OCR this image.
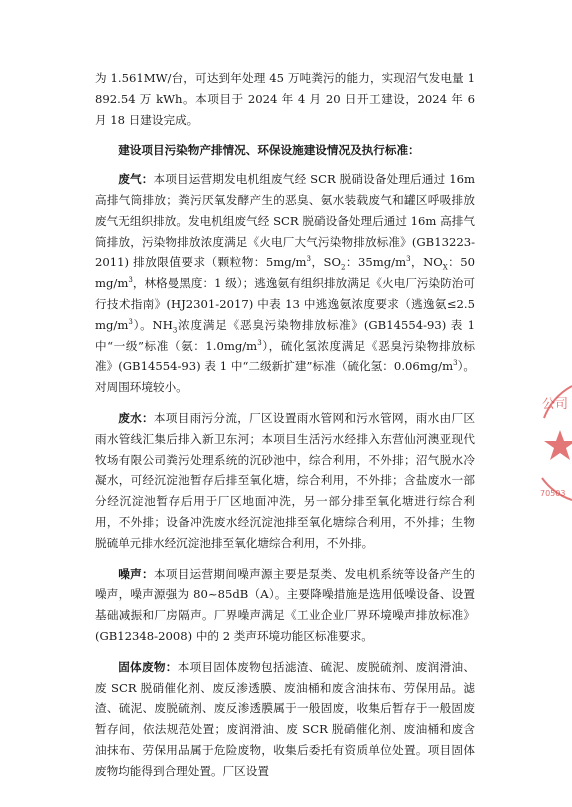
为 1.561MW/台，可达到年处理 45 万吨粪污的能力，实现沼气发电量 1892.54 万 kWh。本项目于 2024 年 4 月 20 日开工建设，2024 年 6 月 18 日建设完成。

建设项目污染物产排情况、环保设施建设情况及执行标准：

废气：本项目运营期发电机组废气经 SCR 脱硝设备处理后通过 16m 高排气筒排放；粪污厌氧发酵产生的恶臭、氨水装载废气和罐区呼吸排放废气无组织排放。发电机组废气经 SCR 脱硝设备处理后通过 16m 高排气筒排放，污染物排放浓度满足《火电厂大气污染物排放标准》(GB13223-2011) 排放限值要求（颗粒物：$5mg/m^3$，$SO_2$：$35mg/m^3$，$NO_X$：$50mg/m^3$，林格曼黑度：1 级）；逃逸氨有组织排放满足《火电厂污染防治可行技术指南》(HJ2301-2017) 中表 13 中逃逸氨浓度要求（逃逸氨$\le 2.5mg/m^3$）。$NH_3$浓度满足《恶臭污染物排放标准》(GB14554-93) 表 1 中“一级”标准（氨：$1.0mg/m^3$），硫化氢浓度满足《恶臭污染物排放标准》(GB14554-93) 表 1 中“二级新扩建”标准（硫化氢：$0.06mg/m^3$）。对周围环境较小。

废水：本项目雨污分流，厂区设置雨水管网和污水管网，雨水由厂区雨水管线汇集后排入新卫东河；本项目生活污水经排入东营仙河澳亚现代牧场有限公司粪污处理系统的沉砂池中，综合利用，不外排；沼气脱水冷凝水，可经沉淀池暂存后排至氧化塘，综合利用，不外排；含盐废水一部分经沉淀池暂存后用于厂区地面冲洗，另一部分排至氧化塘进行综合利用，不外排；设备冲洗废水经沉淀池排至氧化塘综合利用，不外排；生物脱硫单元排水经沉淀池排至氧化塘综合利用，不外排。

噪声：本项目运营期间噪声源主要是泵类、发电机系统等设备产生的噪声，噪声源强为 80~85dB（A）。主要降噪措施是选用低噪设备、设置基础减振和厂房隔声。厂界噪声满足《工业企业厂界环境噪声排放标准》(GB12348-2008) 中的 2 类声环境功能区标准要求。

固体废物：本项目固体废物包括滤渣、硫泥、废脱硫剂、废润滑油、废 SCR 脱硝催化剂、废反渗透膜、废油桶和废含油抹布、劳保用品。滤渣、硫泥、废脱硫剂、废反渗透膜属于一般固废，收集后暂存于一般固废暂存间，依法规范处置；废润滑油、废 SCR 脱硝催化剂、废油桶和废含油抹布、劳保用品属于危险废物，收集后委托有资质单位处置。项目固体废物均能得到合理处置。厂区设置

公司
70503
